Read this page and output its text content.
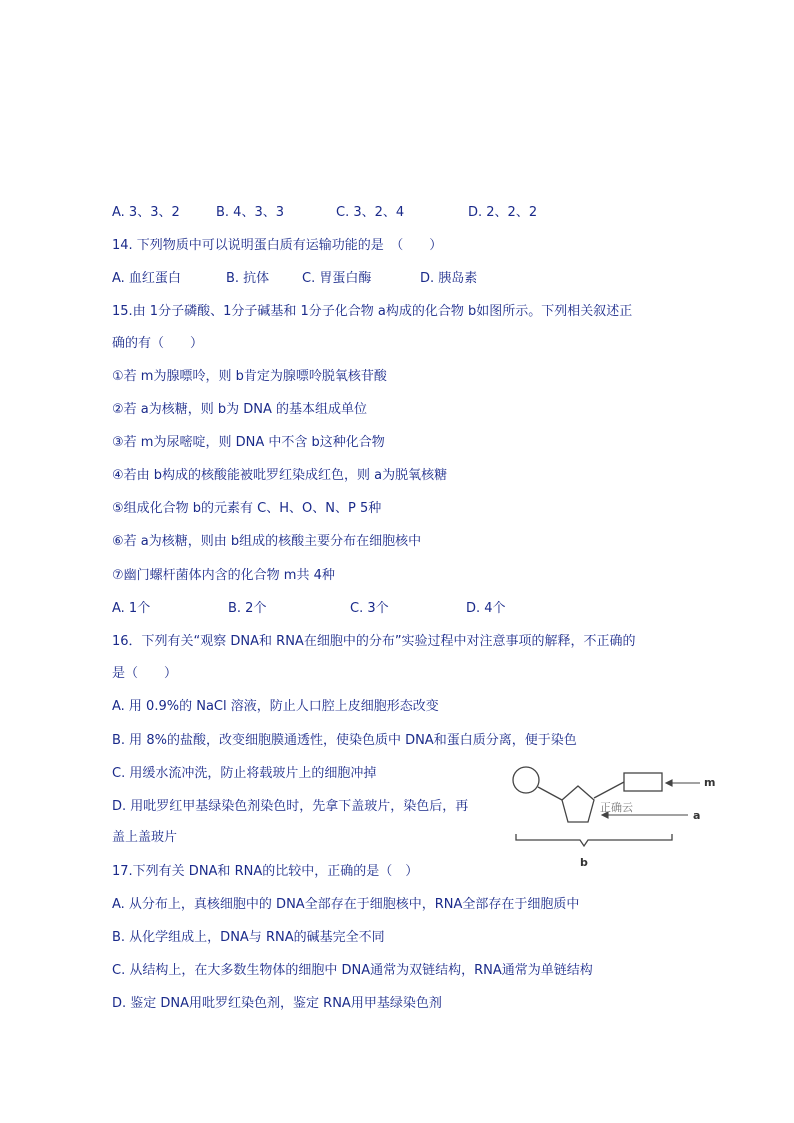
A. 3、3、2	B. 4、3、3	C. 3、2、4	D. 2、2、2
14. 下列物质中可以说明蛋白质有运输功能的是　（　　）
A. 血红蛋白	B. 抗体	C. 胃蛋白酶	D. 胰岛素
15.由 1分子磷酸、1分子碱基和 1分子化合物 a构成的化合物 b如图所示。下列相关叙述正
确的有（　　）
①若 m为腺嘌呤，则 b肯定为腺嘌呤脱氧核苷酸
②若 a为核糖，则 b为 DNA 的基本组成单位
③若 m为尿嘧啶，则 DNA 中不含 b这种化合物
④若由 b构成的核酸能被吡罗红染成红色，则 a为脱氧核糖
⑤组成化合物 b的元素有 C、H、O、N、P 5种
⑥若 a为核糖，则由 b组成的核酸主要分布在细胞核中
⑦幽门螺杆菌体内含的化合物 m共 4种
A. 1个	B. 2个	C. 3个	D. 4个
16．下列有关“观察 DNA和 RNA在细胞中的分布”实验过程中对注意事项的解释，不正确的
是（　　）
A. 用 0.9%的 NaCl 溶液，防止人口腔上皮细胞形态改变
B. 用 8%的盐酸，改变细胞膜通透性，使染色质中 DNA和蛋白质分离，便于染色
C. 用缓水流冲洗，防止将载玻片上的细胞冲掉
D. 用吡罗红甲基绿染色剂染色时，先拿下盖玻片，染色后，再
盖上盖玻片
正确云
m
a
b
17.下列有关 DNA和 RNA的比较中，正确的是（　）
A. 从分布上，真核细胞中的 DNA全部存在于细胞核中，RNA全部存在于细胞质中
B. 从化学组成上，DNA与 RNA的碱基完全不同
C. 从结构上，在大多数生物体的细胞中 DNA通常为双链结构，RNA通常为单链结构
D. 鉴定 DNA用吡罗红染色剂，鉴定 RNA用甲基绿染色剂
